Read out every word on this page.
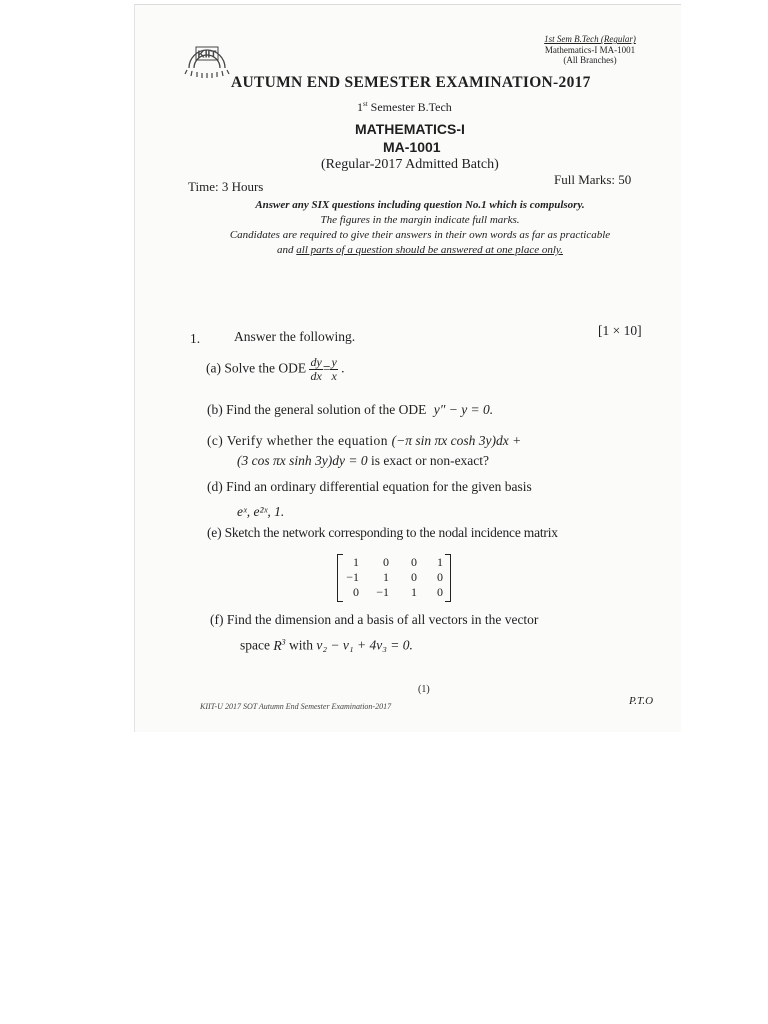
1st Sem B.Tech (Regular)
Mathematics-I MA-1001
(All Branches)
KIIT
AUTUMN END SEMESTER EXAMINATION-2017
1st Semester B.Tech
MATHEMATICS-I
MA-1001
(Regular-2017 Admitted Batch)
Time: 3 Hours	Full Marks: 50
Answer any SIX questions including question No.1 which is compulsory.
The figures in the margin indicate full marks.
Candidates are required to give their answers in their own words as far as practicable
and all parts of a question should be answered at one place only.
1.	Answer the following.	[1 × 10]
(a) Solve the ODE $\frac{dy}{dx} = \frac{y}{x}$ .
(b) Find the general solution of the ODE y″ − y = 0.
(c) Verify whether the equation (−π sin πx cosh 3y)dx +
(3 cos πx sinh 3y)dy = 0 is exact or non-exact?
(d) Find an ordinary differential equation for the given basis
eˣ, e²ˣ, 1.
(e) Sketch the network corresponding to the nodal incidence matrix
1	0	0	1
−1	1	0	0
0	−1	1	0
(f) Find the dimension and a basis of all vectors in the vector
space $R^3$ with v₂ − v₁ + 4v₃ = 0.
(1)
KIIT-U 2017 SOT Autumn End Semester Examination-2017	P.T.O
